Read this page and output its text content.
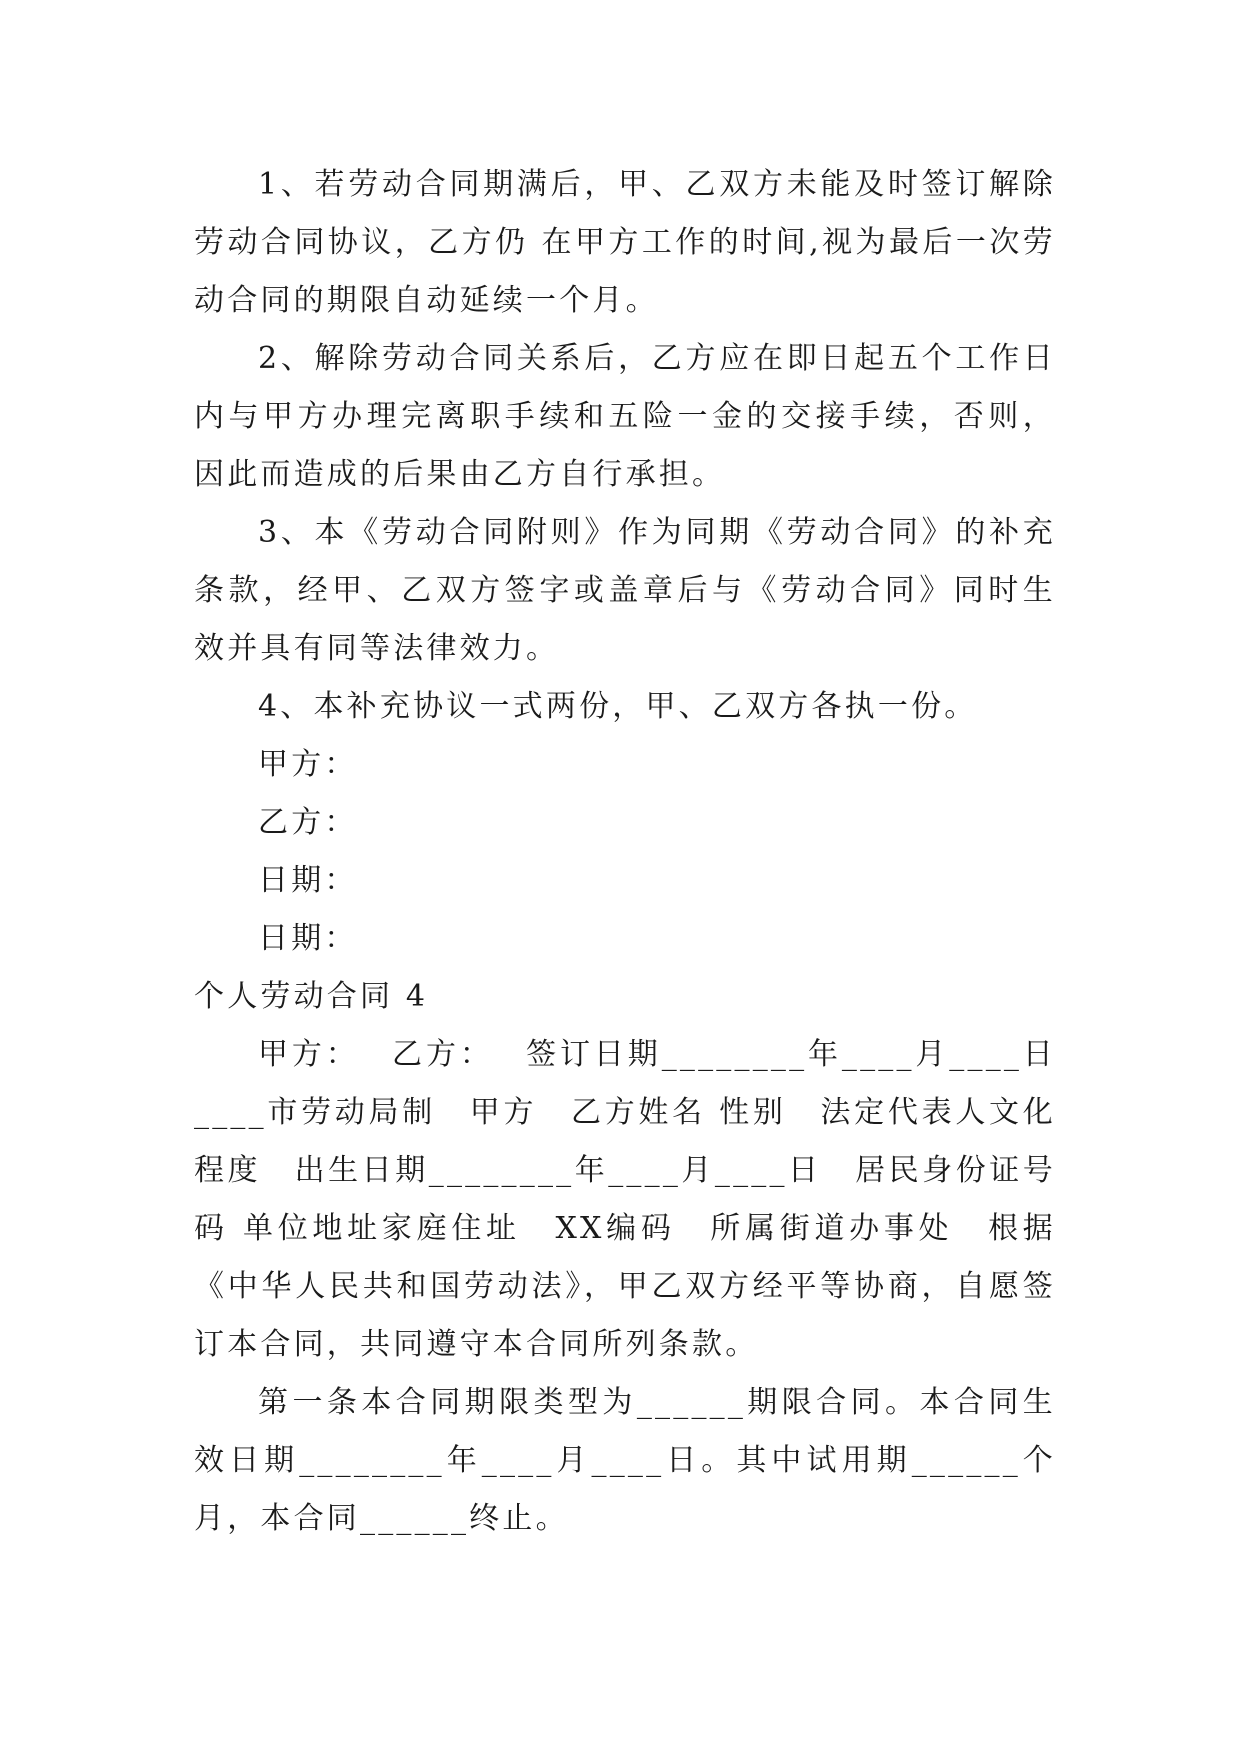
1、若劳动合同期满后，甲、乙双方未能及时签订解除劳动合同协议，乙方仍 在甲方工作的时间,视为最后一次劳动合同的期限自动延续一个月。

2、解除劳动合同关系后，乙方应在即日起五个工作日内与甲方办理完离职手续和五险一金的交接手续，否则，因此而造成的后果由乙方自行承担。

3、本《劳动合同附则》作为同期《劳动合同》的补充条款，经甲、乙双方签字或盖章后与《劳动合同》同时生效并具有同等法律效力。

4、本补充协议一式两份，甲、乙双方各执一份。

甲方：

乙方：

日期：

日期：

个人劳动合同 4

甲方：　 乙方：　 签订日期________年____月____日 ____市劳动局制　甲方　乙方姓名 性别　法定代表人文化程度　出生日期________年____月____日　居民身份证号码 单位地址家庭住址　XX编码　所属街道办事处　根据《中华人民共和国劳动法》，甲乙双方经平等协商，自愿签订本合同，共同遵守本合同所列条款。

第一条本合同期限类型为______期限合同。本合同生效日期________年____月____日。其中试用期______个月，本合同______终止。
